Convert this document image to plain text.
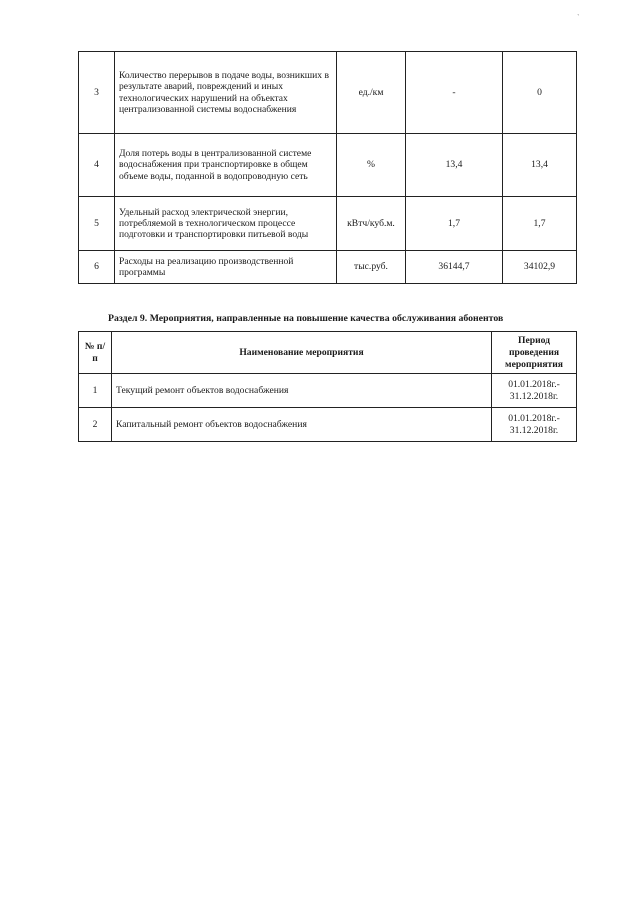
`
3	Количество перерывов в подаче воды, возникших в результате аварий, повреждений и иных технологических нарушений на объектах централизованной системы водоснабжения	ед./км	-	0
4	Доля потерь воды в централизованной системе водоснабжения при транспортировке в общем объеме воды, поданной в водопроводную сеть	%	13,4	13,4
5	Удельный расход электрической энергии, потребляемой в технологическом процессе подготовки и транспортировки питьевой воды	кВтч/куб.м.	1,7	1,7
6	Расходы на реализацию производственной программы	тыс.руб.	36144,7	34102,9
Раздел 9. Мероприятия, направленные на повышение качества обслуживания абонентов
№ п/п	Наименование мероприятия	Период проведения мероприятия
1	Текущий ремонт объектов водоснабжения	01.01.2018г.- 31.12.2018г.
2	Капитальный ремонт объектов водоснабжения	01.01.2018г.- 31.12.2018г.
